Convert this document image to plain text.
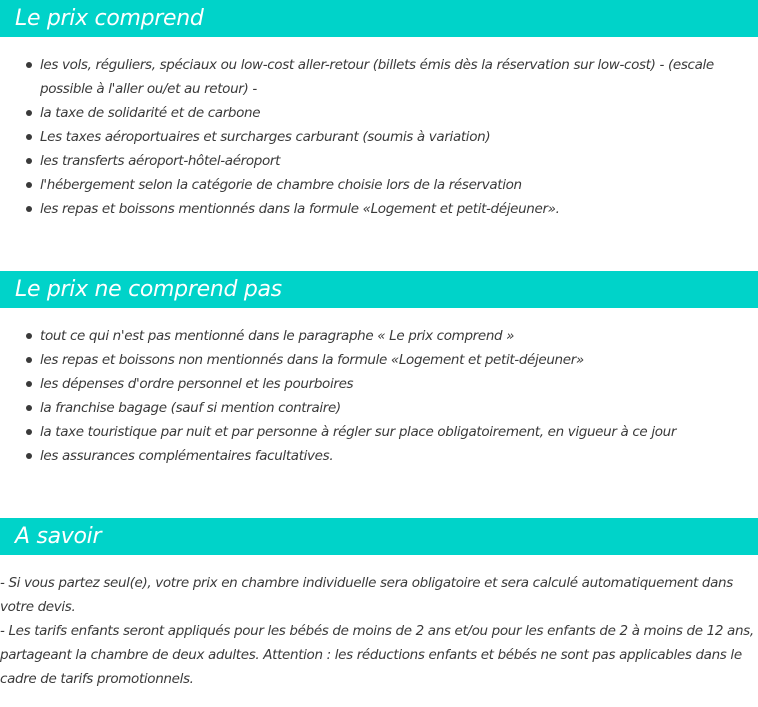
Le prix comprend
les vols, réguliers, spéciaux ou low-cost aller-retour (billets émis dès la réservation sur low-cost) - (escale possible à l'aller ou/et au retour) -
la taxe de solidarité et de carbone
Les taxes aéroportuaires et surcharges carburant (soumis à variation)
les transferts aéroport-hôtel-aéroport
l'hébergement selon la catégorie de chambre choisie lors de la réservation
les repas et boissons mentionnés dans la formule «Logement et petit-déjeuner».
Le prix ne comprend pas
tout ce qui n'est pas mentionné dans le paragraphe « Le prix comprend »
les repas et boissons non mentionnés dans la formule «Logement et petit-déjeuner»
les dépenses d'ordre personnel et les pourboires
la franchise bagage (sauf si mention contraire)
la taxe touristique par nuit et par personne à régler sur place obligatoirement, en vigueur à ce jour
les assurances complémentaires facultatives.
A savoir

- Si vous partez seul(e), votre prix en chambre individuelle sera obligatoire et sera calculé automatiquement dans votre devis.

- Les tarifs enfants seront appliqués pour les bébés de moins de 2 ans et/ou pour les enfants de 2 à moins de 12 ans, partageant la chambre de deux adultes. Attention : les réductions enfants et bébés ne sont pas applicables dans le cadre de tarifs promotionnels.
